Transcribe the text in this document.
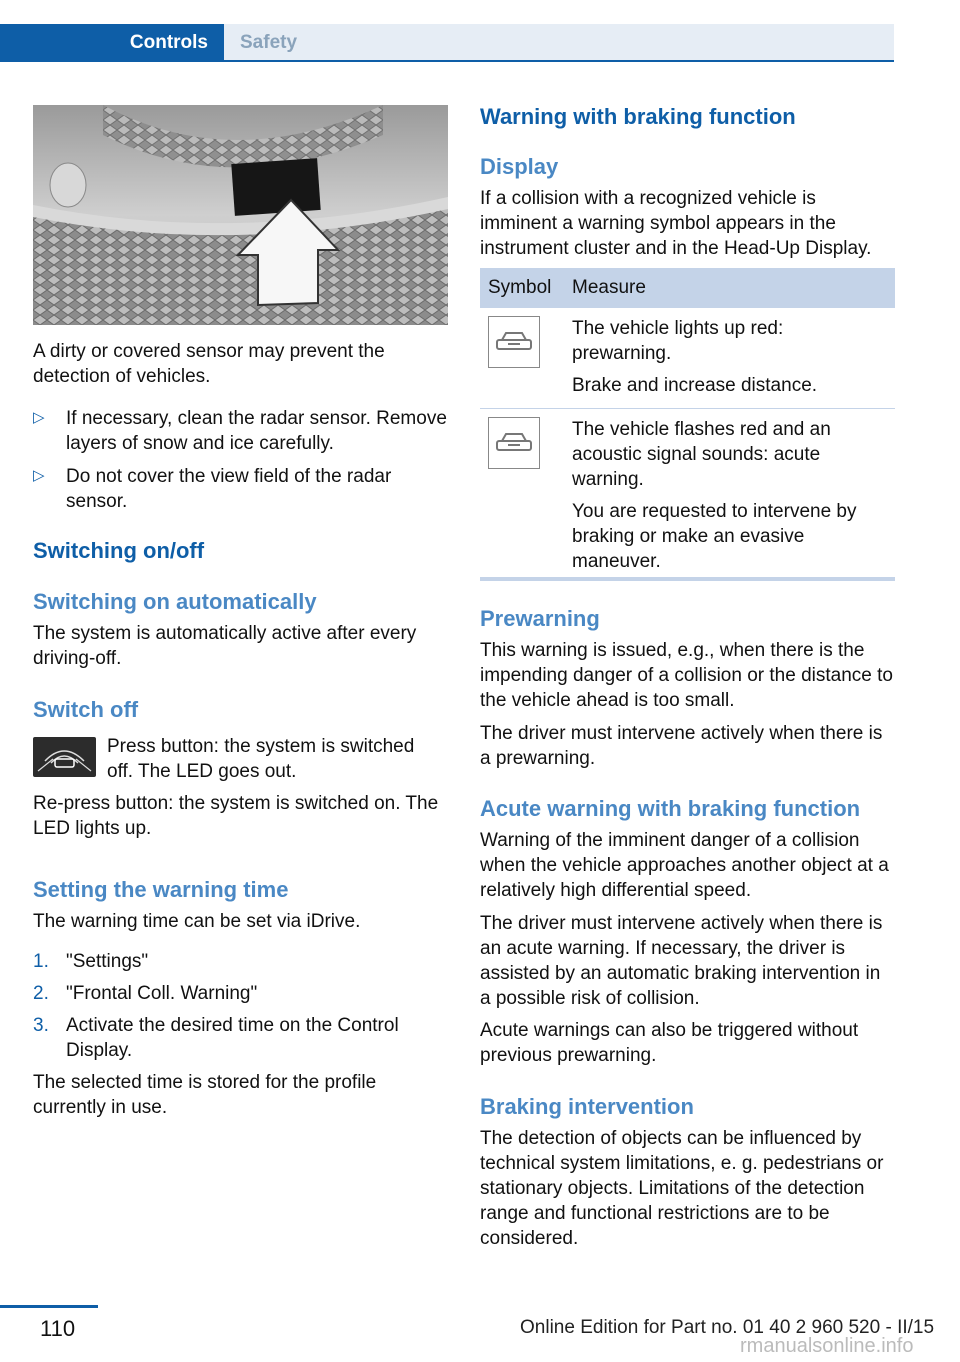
Controls	Safety

A dirty or covered sensor may prevent the detection of vehicles.

▷ If necessary, clean the radar sensor. Remove layers of snow and ice carefully.

▷ Do not cover the view field of the radar sensor.

Switching on/off
Switching on automatically

The system is automatically active after every driving-off.

Switch off

Press button: the system is switched off. The LED goes out.

Re-press button: the system is switched on. The LED lights up.

Setting the warning time

The warning time can be set via iDrive.

1. "Settings"

2. "Frontal Coll. Warning"

3. Activate the desired time on the Control Display.

The selected time is stored for the profile currently in use.

Warning with braking function
Display

If a collision with a recognized vehicle is imminent a warning symbol appears in the instrument cluster and in the Head-Up Display.

Symbol	Measure

The vehicle lights up red: prewarning.

Brake and increase distance.

The vehicle flashes red and an acoustic signal sounds: acute warning.

You are requested to intervene by braking or make an evasive maneuver.

Prewarning

This warning is issued, e.g., when there is the impending danger of a collision or the distance to the vehicle ahead is too small.

The driver must intervene actively when there is a prewarning.

Acute warning with braking function

Warning of the imminent danger of a collision when the vehicle approaches another object at a relatively high differential speed.

The driver must intervene actively when there is an acute warning. If necessary, the driver is assisted by an automatic braking intervention in a possible risk of collision.

Acute warnings can also be triggered without previous prewarning.

Braking intervention

The detection of objects can be influenced by technical system limitations, e. g. pedestrians or stationary objects. Limitations of the detection range and functional restrictions are to be considered.

110	Online Edition for Part no. 01 40 2 960 520 - II/15
rmanualsonline.info
